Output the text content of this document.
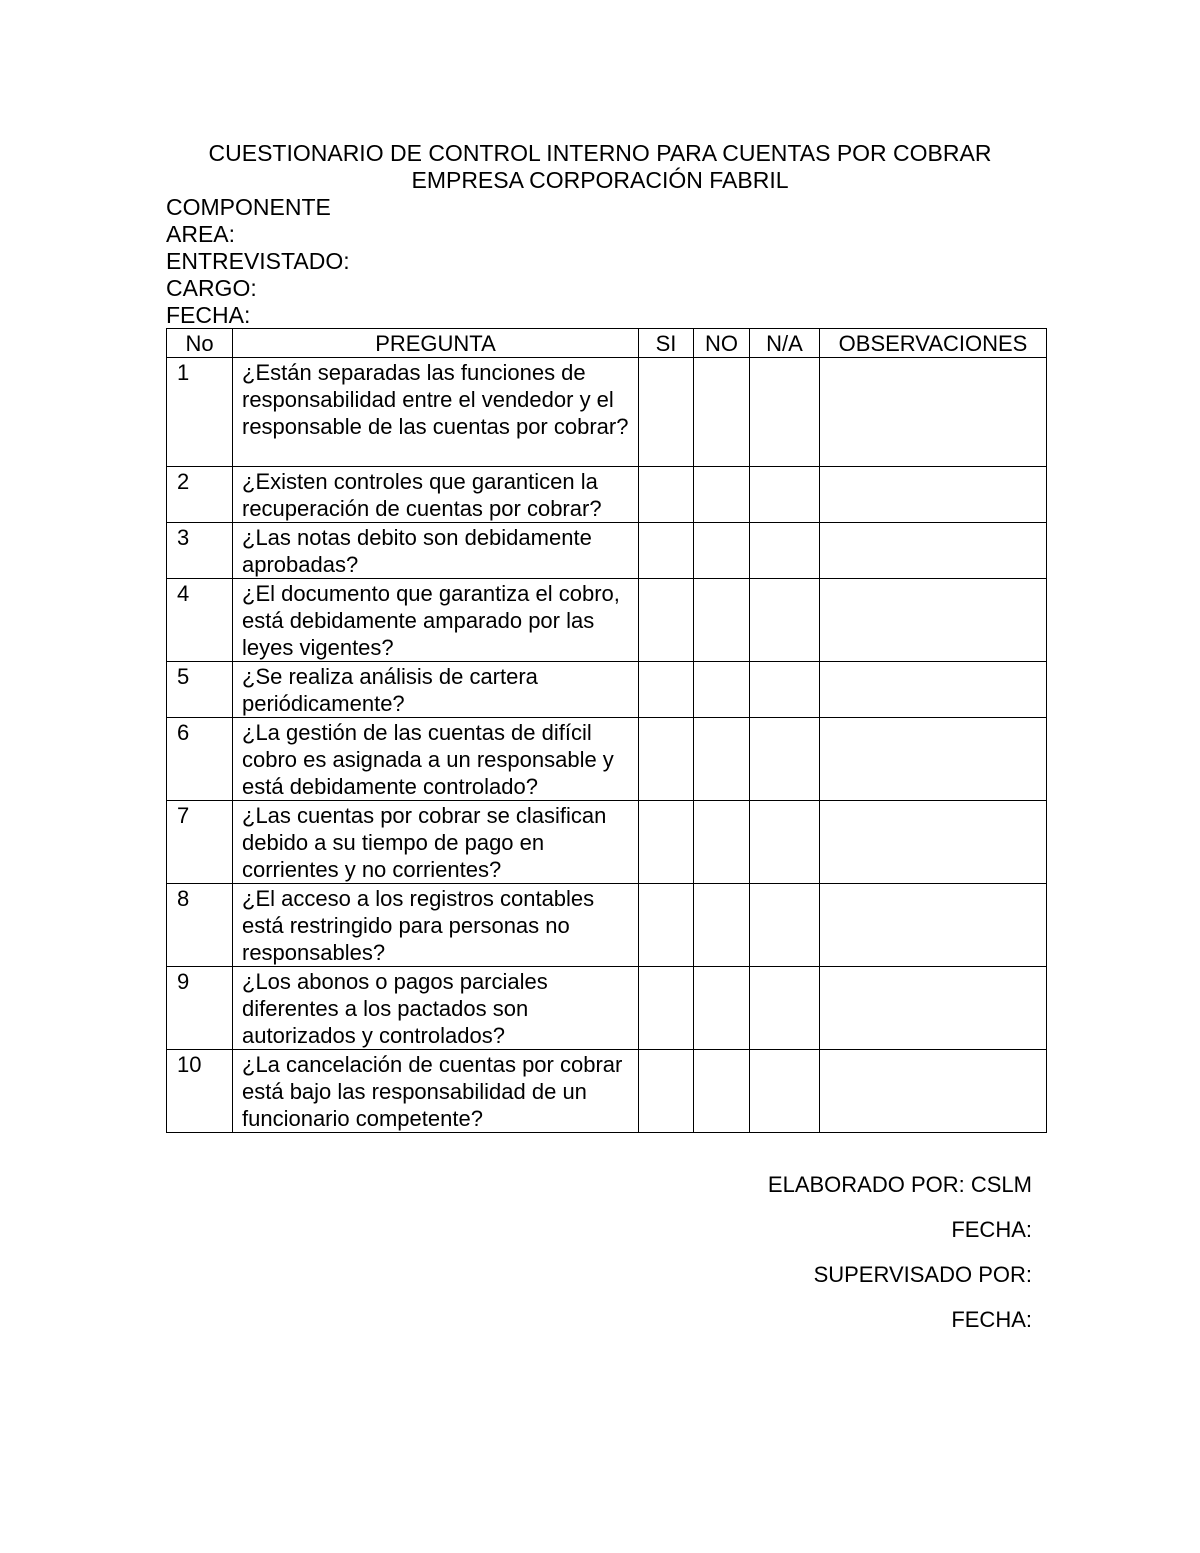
CUESTIONARIO DE CONTROL INTERNO PARA CUENTAS POR COBRAR
EMPRESA CORPORACIÓN FABRIL
COMPONENTE
AREA:
ENTREVISTADO:
CARGO:
FECHA:
No	PREGUNTA	SI	NO	N/A	OBSERVACIONES
1	¿Están separadas las funciones de responsabilidad entre el vendedor y el responsable de las cuentas por cobrar?				
2	¿Existen controles que garanticen la recuperación de cuentas por cobrar?				
3	¿Las notas debito son debidamente aprobadas?				
4	¿El documento que garantiza el cobro, está debidamente amparado por las leyes vigentes?				
5	¿Se realiza análisis de cartera periódicamente?				
6	¿La gestión de las cuentas de difícil cobro es asignada a un responsable y está debidamente controlado?				
7	¿Las cuentas por cobrar se clasifican debido a su tiempo de pago en corrientes y no corrientes?				
8	¿El acceso a los registros contables está restringido para personas no responsables?				
9	¿Los abonos o pagos parciales diferentes a los pactados son autorizados y controlados?				
10	¿La cancelación de cuentas por cobrar está bajo las responsabilidad de un funcionario competente?				
ELABORADO POR: CSLM
FECHA:
SUPERVISADO POR:
FECHA:
